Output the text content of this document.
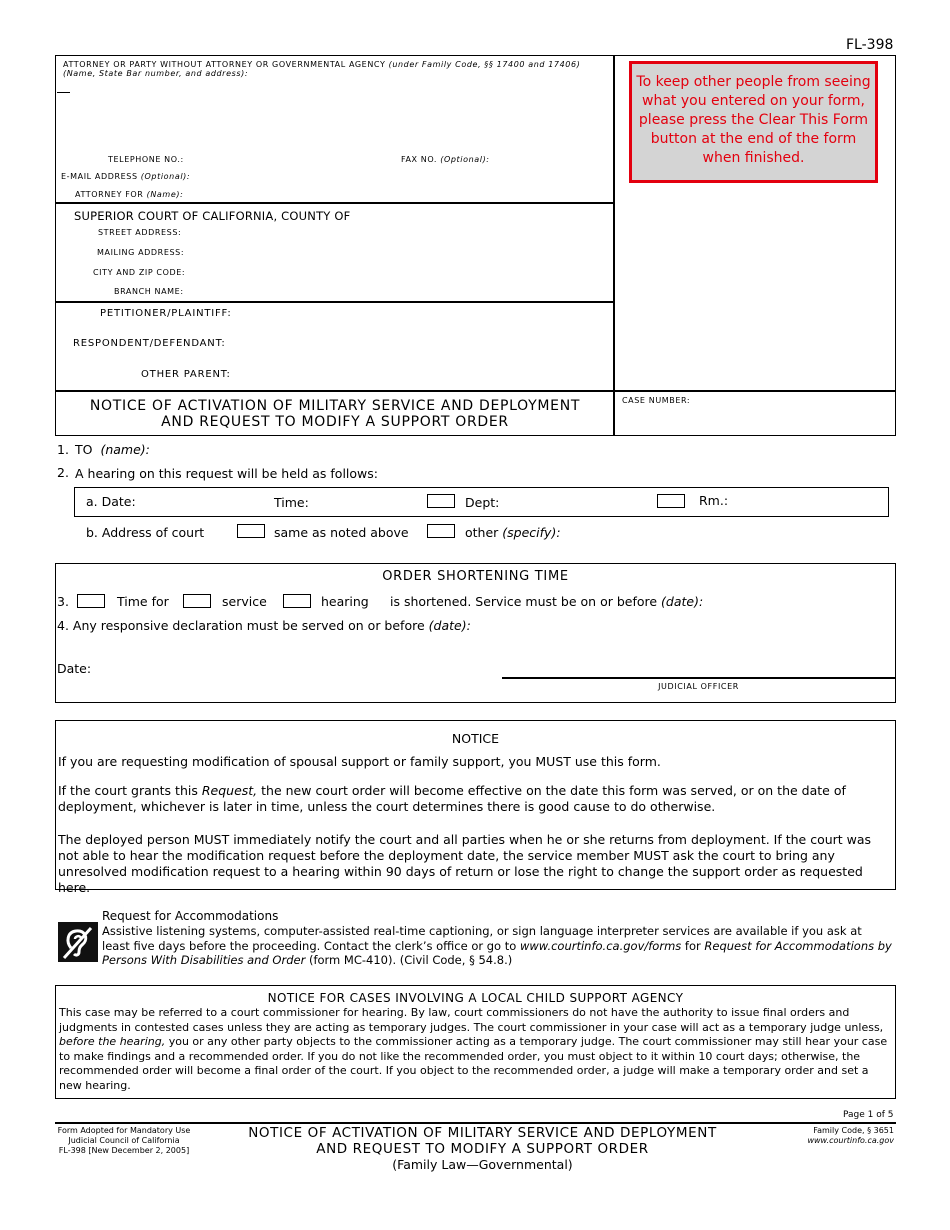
FL-398
ATTORNEY OR PARTY WITHOUT ATTORNEY OR GOVERNMENTAL AGENCY (under Family Code, §§ 17400 and 17406)
(Name, State Bar number, and address):
TELEPHONE NO.:	FAX NO. (Optional):
E-MAIL ADDRESS (Optional):
ATTORNEY FOR (Name):
SUPERIOR COURT OF CALIFORNIA, COUNTY OF
STREET ADDRESS:
MAILING ADDRESS:
CITY AND ZIP CODE:
BRANCH NAME:
PETITIONER/PLAINTIFF:
RESPONDENT/DEFENDANT:
OTHER PARENT:
NOTICE OF ACTIVATION OF MILITARY SERVICE AND DEPLOYMENT
AND REQUEST TO MODIFY A SUPPORT ORDER
CASE NUMBER:
To keep other people from seeing what you entered on your form, please press the Clear This Form button at the end of the form when finished.
1. TO (name):
2. A hearing on this request will be held as follows:
a. Date:	Time:	Dept:	Rm.:
b. Address of court	same as noted above	other (specify):
ORDER SHORTENING TIME
3.	Time for	service	hearing is shortened. Service must be on or before (date):
4. Any responsive declaration must be served on or before (date):
Date:
JUDICIAL OFFICER
NOTICE
If you are requesting modification of spousal support or family support, you MUST use this form.
If the court grants this Request, the new court order will become effective on the date this form was served, or on the date of deployment, whichever is later in time, unless the court determines there is good cause to do otherwise.
The deployed person MUST immediately notify the court and all parties when he or she returns from deployment. If the court was not able to hear the modification request before the deployment date, the service member MUST ask the court to bring any unresolved modification request to a hearing within 90 days of return or lose the right to change the support order as requested here.
Request for Accommodations
Assistive listening systems, computer-assisted real-time captioning, or sign language interpreter services are available if you ask at least five days before the proceeding. Contact the clerk’s office or go to www.courtinfo.ca.gov/forms for Request for Accommodations by Persons With Disabilities and Order (form MC-410). (Civil Code, § 54.8.)
NOTICE FOR CASES INVOLVING A LOCAL CHILD SUPPORT AGENCY
This case may be referred to a court commissioner for hearing. By law, court commissioners do not have the authority to issue final orders and judgments in contested cases unless they are acting as temporary judges. The court commissioner in your case will act as a temporary judge unless, before the hearing, you or any other party objects to the commissioner acting as a temporary judge. The court commissioner may still hear your case to make findings and a recommended order. If you do not like the recommended order, you must object to it within 10 court days; otherwise, the recommended order will become a final order of the court. If you object to the recommended order, a judge will make a temporary order and set a new hearing.
Page 1 of 5
Form Adopted for Mandatory Use
Judicial Council of California
FL-398 [New December 2, 2005]
NOTICE OF ACTIVATION OF MILITARY SERVICE AND DEPLOYMENT
AND REQUEST TO MODIFY A SUPPORT ORDER
(Family Law—Governmental)
Family Code, § 3651
www.courtinfo.ca.gov
